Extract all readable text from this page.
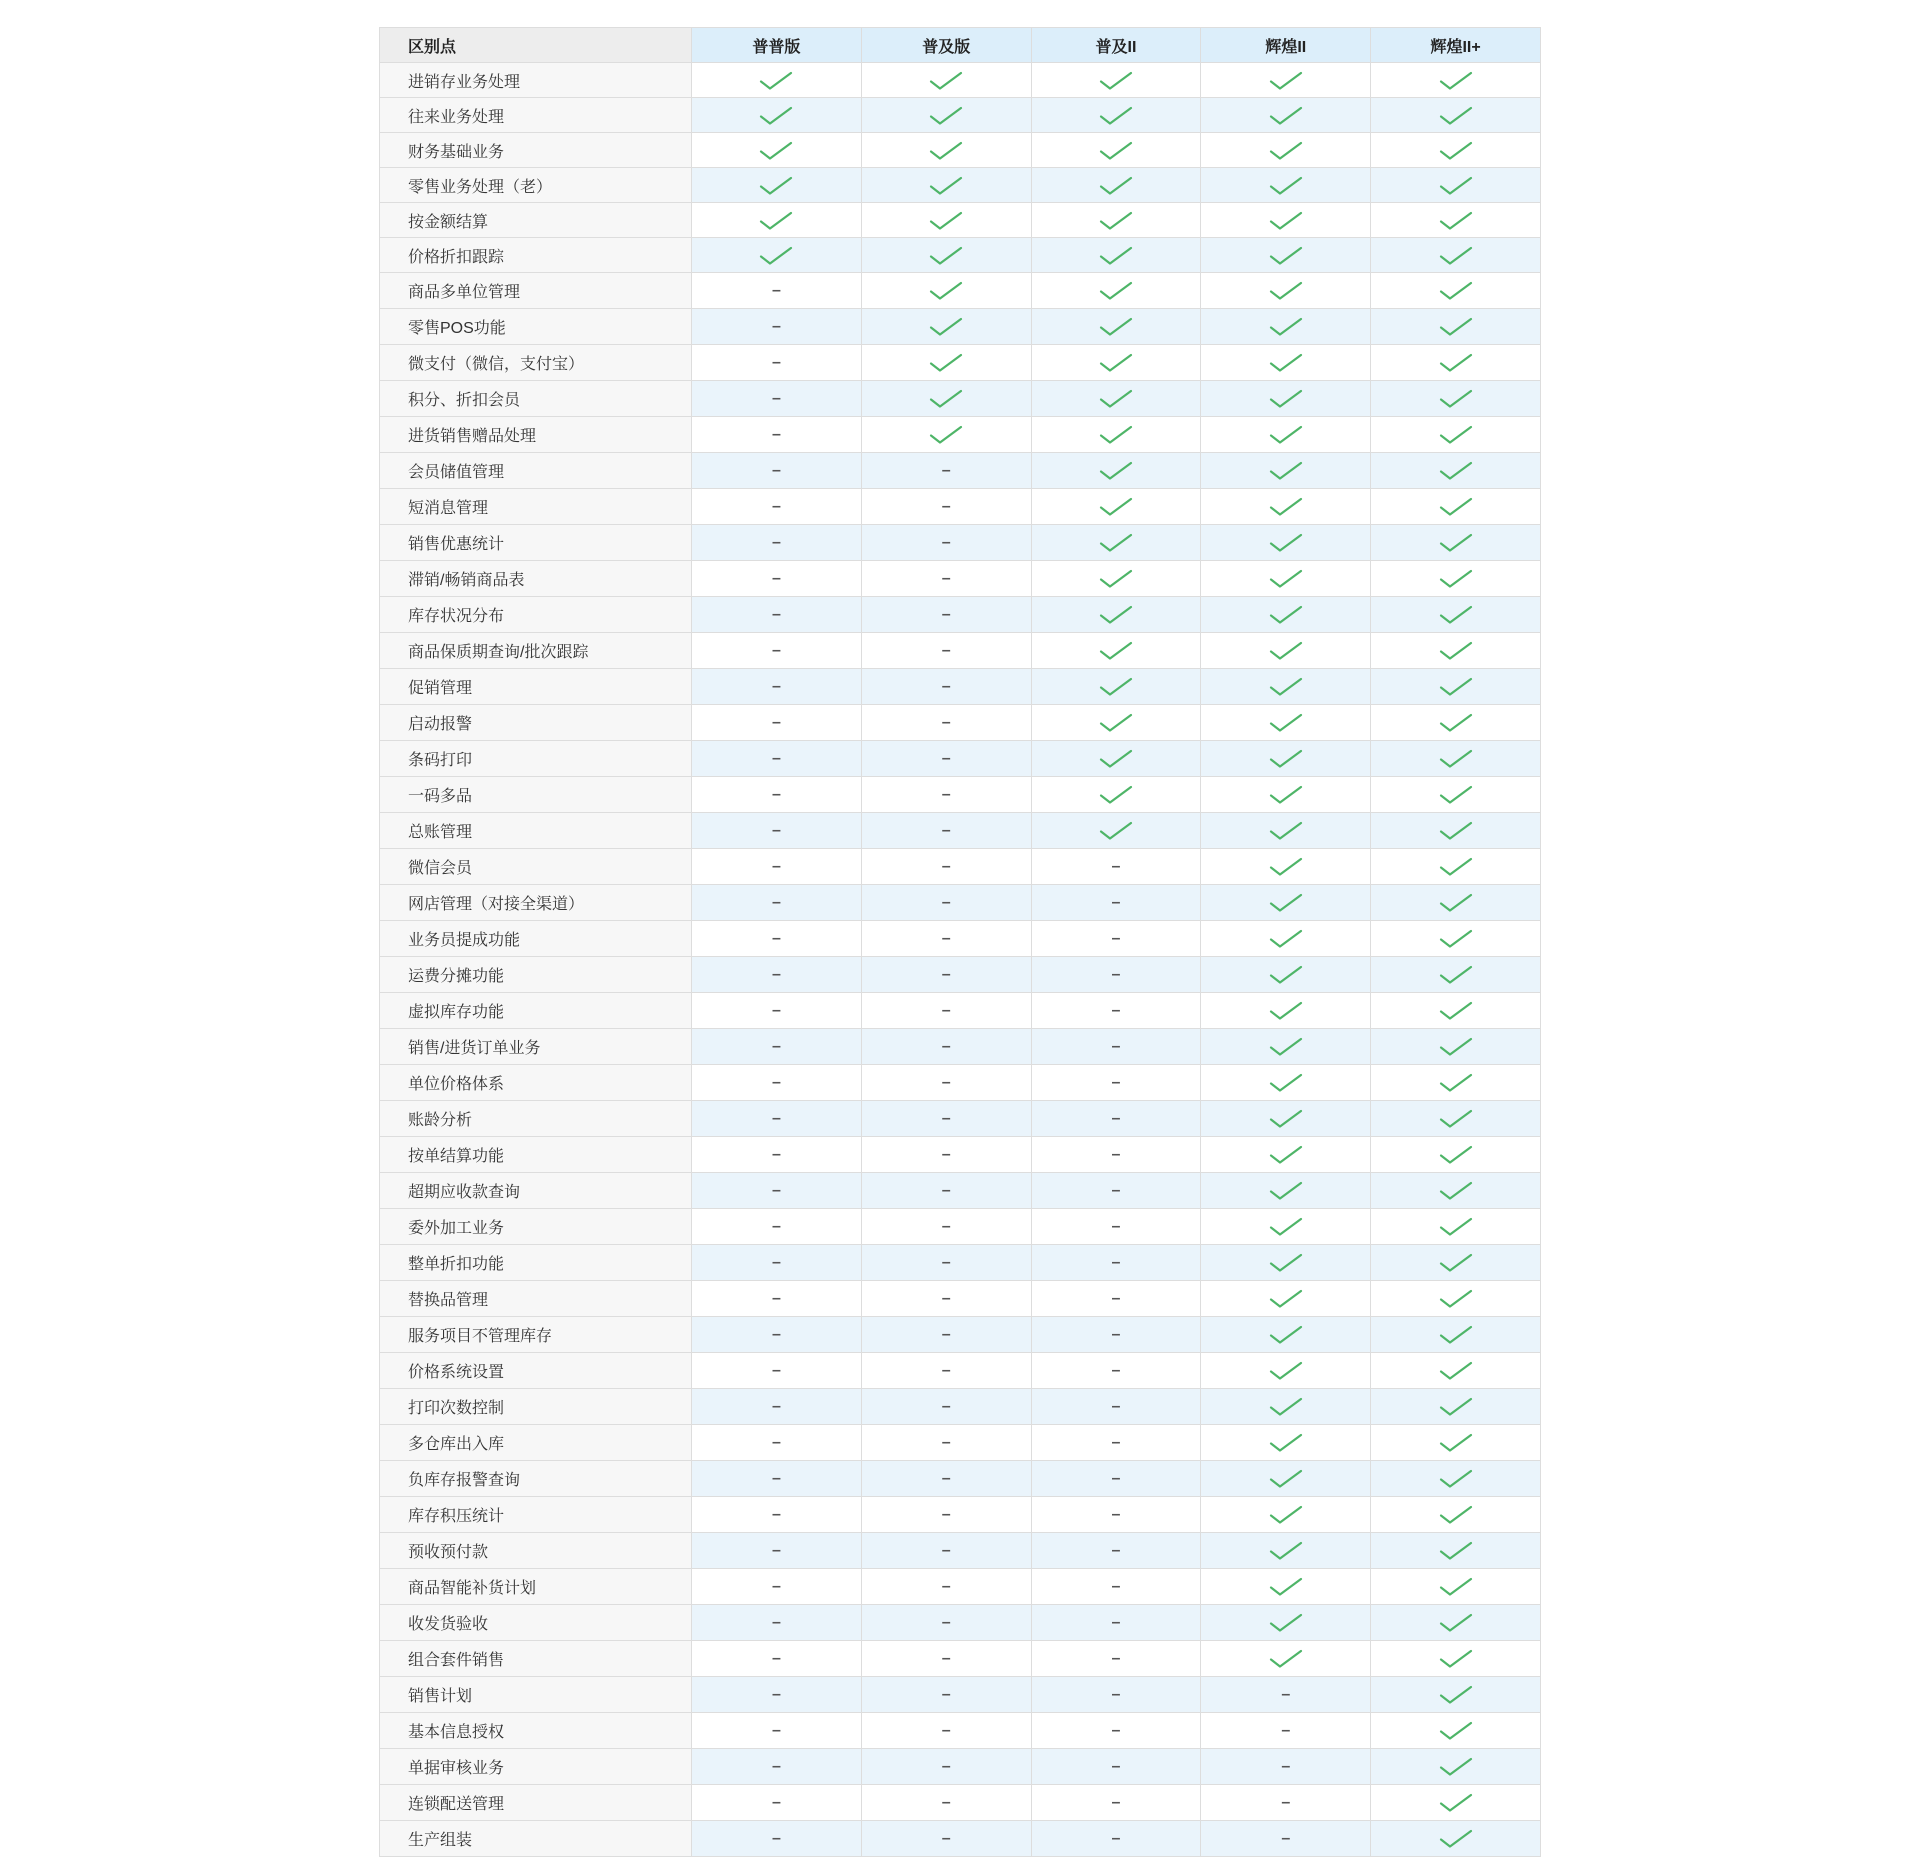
区别点	普普版	普及版	普及II	辉煌II	辉煌II+
进销存业务处理					
往来业务处理					
财务基础业务					
零售业务处理（老）					
按金额结算					
价格折扣跟踪					
商品多单位管理	–				
零售POS功能	–				
微支付（微信，支付宝）	–				
积分、折扣会员	–				
进货销售赠品处理	–				
会员储值管理	–	–			
短消息管理	–	–			
销售优惠统计	–	–			
滞销/畅销商品表	–	–			
库存状况分布	–	–			
商品保质期查询/批次跟踪	–	–			
促销管理	–	–			
启动报警	–	–			
条码打印	–	–			
一码多品	–	–			
总账管理	–	–			
微信会员	–	–	–		
网店管理（对接全渠道）	–	–	–		
业务员提成功能	–	–	–		
运费分摊功能	–	–	–		
虚拟库存功能	–	–	–		
销售/进货订单业务	–	–	–		
单位价格体系	–	–	–		
账龄分析	–	–	–		
按单结算功能	–	–	–		
超期应收款查询	–	–	–		
委外加工业务	–	–	–		
整单折扣功能	–	–	–		
替换品管理	–	–	–		
服务项目不管理库存	–	–	–		
价格系统设置	–	–	–		
打印次数控制	–	–	–		
多仓库出入库	–	–	–		
负库存报警查询	–	–	–		
库存积压统计	–	–	–		
预收预付款	–	–	–		
商品智能补货计划	–	–	–		
收发货验收	–	–	–		
组合套件销售	–	–	–		
销售计划	–	–	–	–	
基本信息授权	–	–	–	–	
单据审核业务	–	–	–	–	
连锁配送管理	–	–	–	–	
生产组装	–	–	–	–	
